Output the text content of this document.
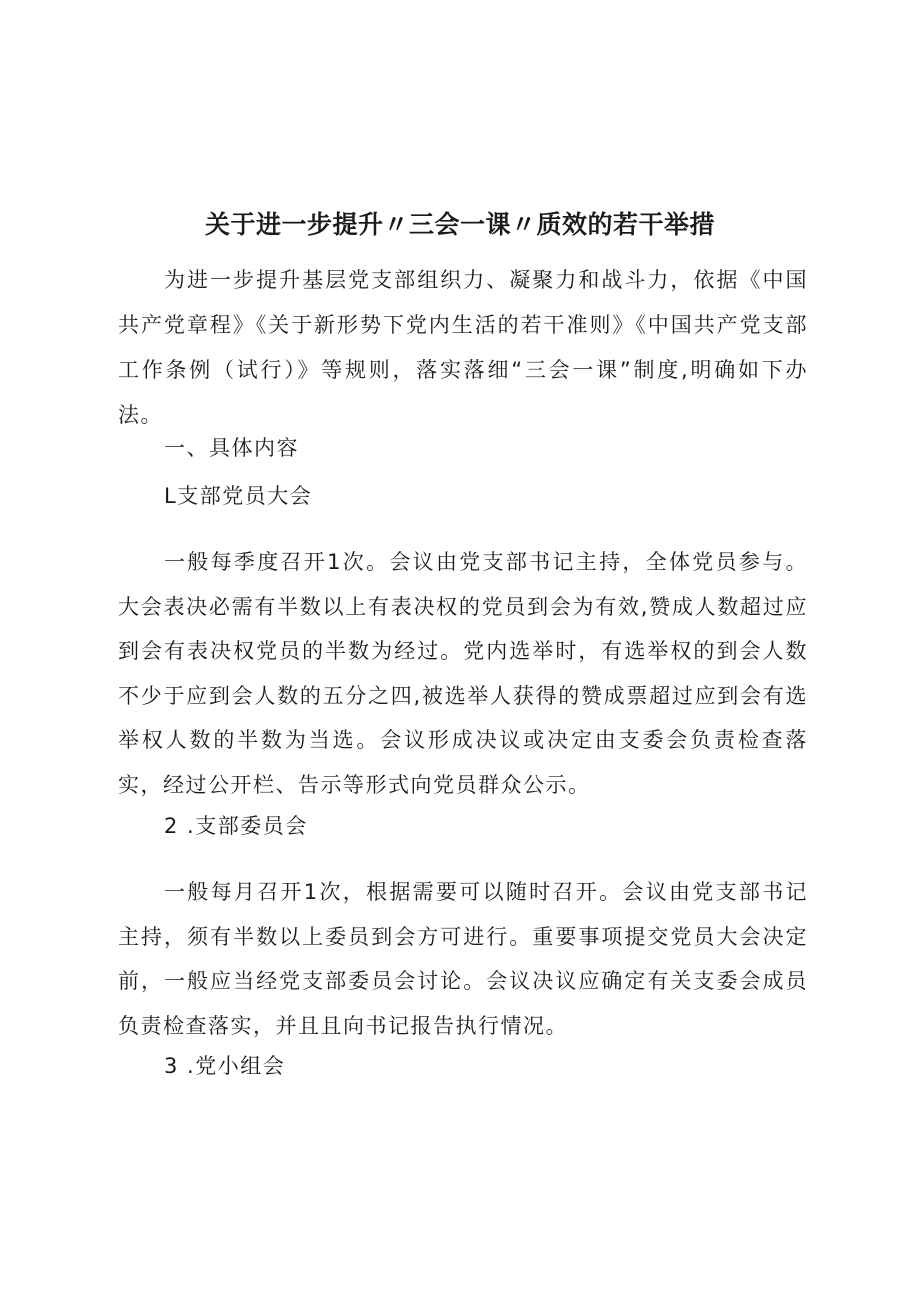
关于进一步提升〃三会一课〃质效的若干举措

为进一步提升基层党支部组织力、凝聚力和战斗力，依据《中国共产党章程》《关于新形势下党内生活的若干准则》《中国共产党支部工作条例（试行）》等规则，落实落细“三会一课”制度,明确如下办法。

一、具体内容

L支部党员大会

一般每季度召开1次。会议由党支部书记主持，全体党员参与。大会表决必需有半数以上有表决权的党员到会为有效,赞成人数超过应到会有表决权党员的半数为经过。党内选举时，有选举权的到会人数不少于应到会人数的五分之四,被选举人获得的赞成票超过应到会有选举权人数的半数为当选。会议形成决议或决定由支委会负责检查落实，经过公开栏、告示等形式向党员群众公示。

2 .支部委员会

一般每月召开1次，根据需要可以随时召开。会议由党支部书记主持，须有半数以上委员到会方可进行。重要事项提交党员大会决定前，一般应当经党支部委员会讨论。会议决议应确定有关支委会成员负责检查落实，并且且向书记报告执行情况。

3 .党小组会
